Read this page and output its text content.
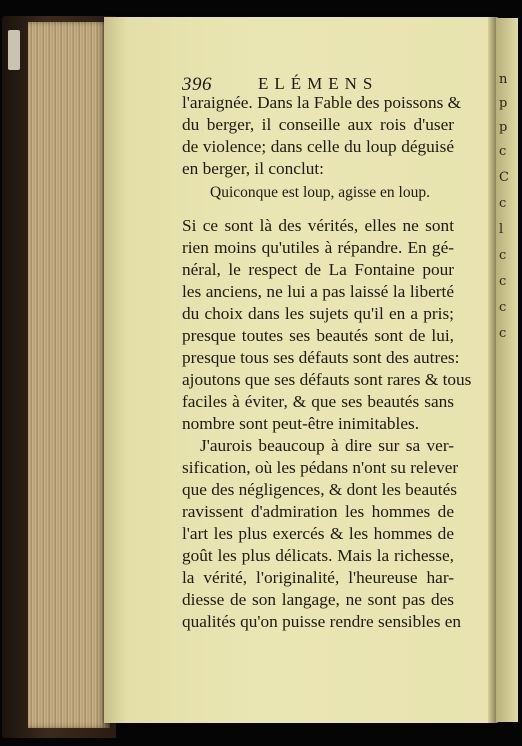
396	ELÉMENS
l'araignée. Dans la Fable des poissons &
du berger, il conseille aux rois d'user
de violence; dans celle du loup déguisé
en berger, il conclut:
Quiconque est loup, agisse en loup.
Si ce sont là des vérités, elles ne sont
rien moins qu'utiles à répandre. En gé-
néral, le respect de La Fontaine pour
les anciens, ne lui a pas laissé la liberté
du choix dans les sujets qu'il en a pris;
presque toutes ses beautés sont de lui,
presque tous ses défauts sont des autres:
ajoutons que ses défauts sont rares & tous
faciles à éviter, & que ses beautés sans
nombre sont peut-être inimitables.
J'aurois beaucoup à dire sur sa ver-
sification, où les pédans n'ont su relever
que des négligences, & dont les beautés
ravissent d'admiration les hommes de
l'art les plus exercés & les hommes de
goût les plus délicats. Mais la richesse,
la vérité, l'originalité, l'heureuse har-
diesse de son langage, ne sont pas des
qualités qu'on puisse rendre sensibles en
n
p
p
c
C
c
l
c
c
c
c
